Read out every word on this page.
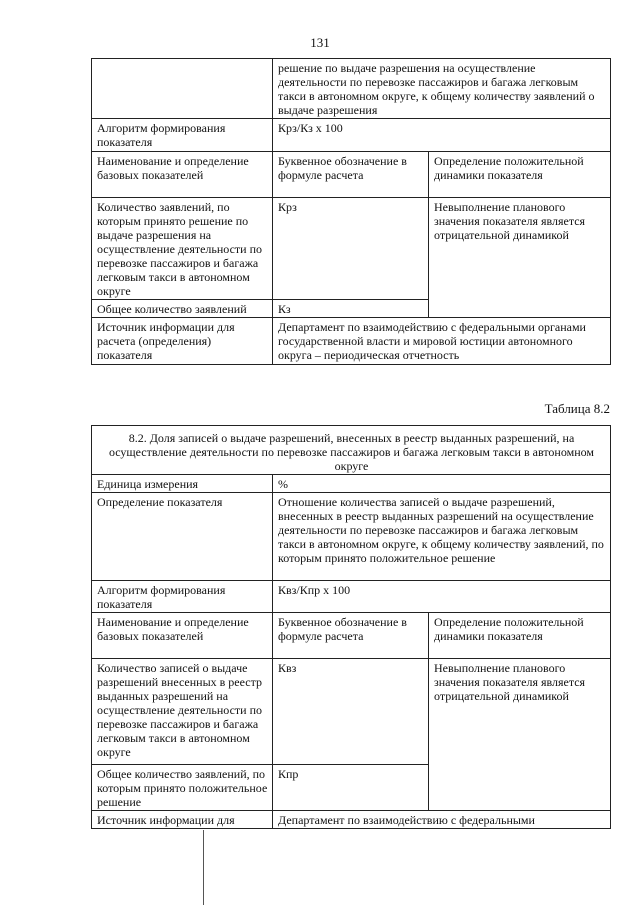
131
	решение по выдаче разрешения на осуществление деятельности по перевозке пассажиров и багажа легковым такси в автономном округе, к общему количеству заявлений о выдаче разрешения	
Алгоритм формирования показателя	Крз/Кз х 100	
Наименование и определение базовых показателей	Буквенное обозначение в формуле расчета	Определение положительной динамики показателя
Количество заявлений, по которым принято решение по выдаче разрешения на осуществление деятельности по перевозке пассажиров и багажа легковым такси в автономном округе	Крз	Невыполнение планового значения показателя является отрицательной динамикой
Общее количество заявлений	Кз	
Источник информации для расчета (определения) показателя	Департамент по взаимодействию с федеральными органами государственной власти и мировой юстиции автономного округа – периодическая отчетность	
Таблица 8.2
8.2. Доля записей о выдаче разрешений, внесенных в реестр выданных разрешений, на осуществление деятельности по перевозке пассажиров и багажа легковым такси в автономном округе		
Единица измерения	%	
Определение показателя	Отношение количества записей о выдаче разрешений, внесенных в реестр выданных разрешений на осуществление деятельности по перевозке пассажиров и багажа легковым такси в автономном округе, к общему количеству заявлений, по которым принято положительное решение	
Алгоритм формирования показателя	Квз/Кпр х 100	
Наименование и определение базовых показателей	Буквенное обозначение в формуле расчета	Определение положительной динамики показателя
Количество записей о выдаче разрешений внесенных в реестр выданных разрешений на осуществление деятельности по перевозке пассажиров и багажа легковым такси в автономном округе	Квз	Невыполнение планового значения показателя является отрицательной динамикой
Общее количество заявлений, по которым принято положительное решение	Кпр	
Источник информации для	Департамент по взаимодействию с федеральными	
